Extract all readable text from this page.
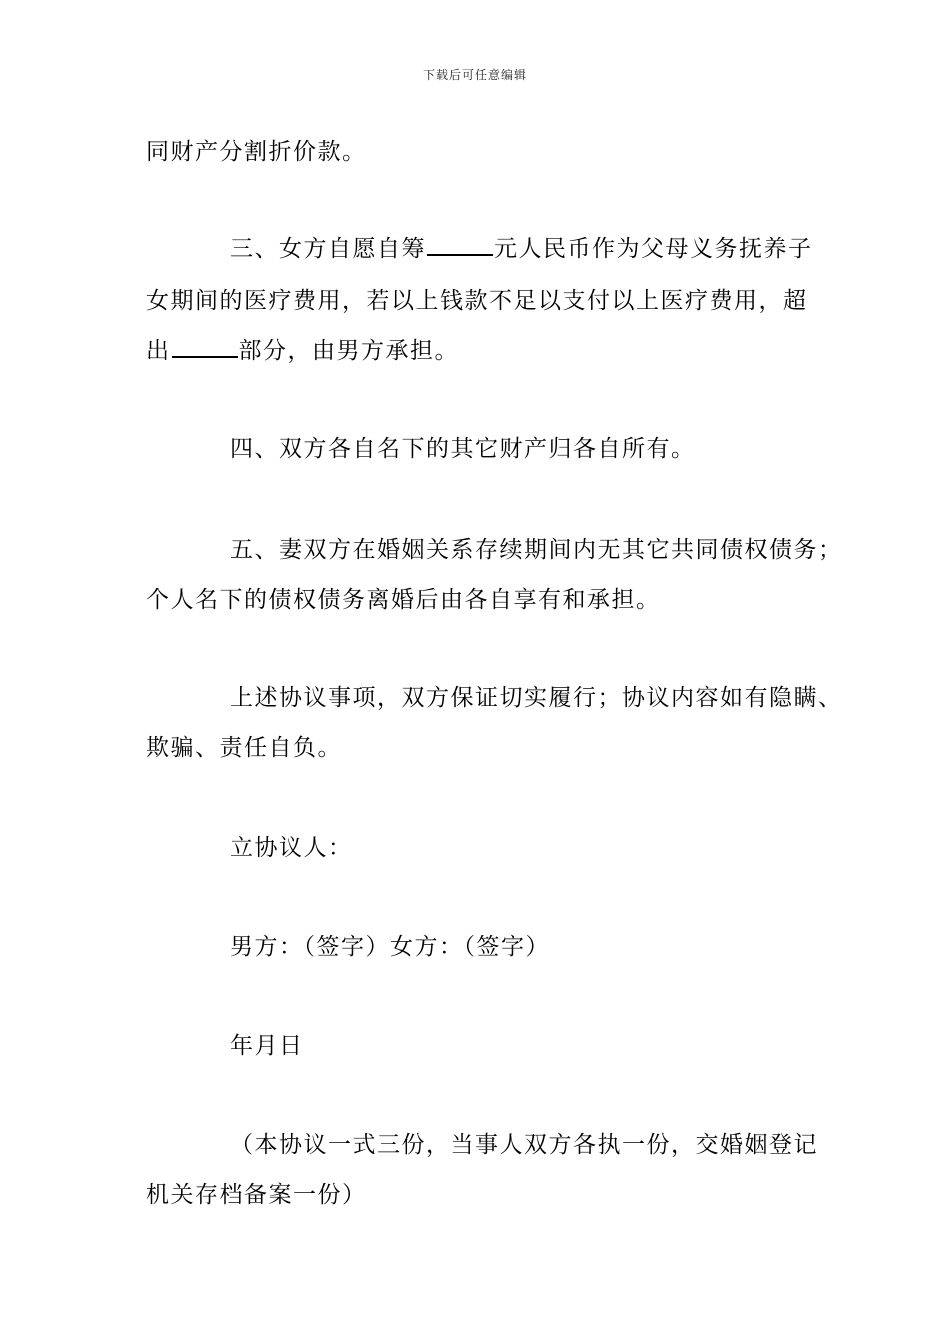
下载后可任意编辑
同财产分割折价款。
三、女方自愿自筹	元人民币作为父母义务抚养子
女期间的医疗费用，若以上钱款不足以支付以上医疗费用，超
出	部分，由男方承担。
四、双方各自名下的其它财产归各自所有。
五、妻双方在婚姻关系存续期间内无其它共同债权债务；
个人名下的债权债务离婚后由各自享有和承担。
上述协议事项，双方保证切实履行；协议内容如有隐瞒、
欺骗、责任自负。
立协议人：
男方：（签字）女方：（签字）
年月日
（本协议一式三份，当事人双方各执一份，交婚姻登记
机关存档备案一份）
